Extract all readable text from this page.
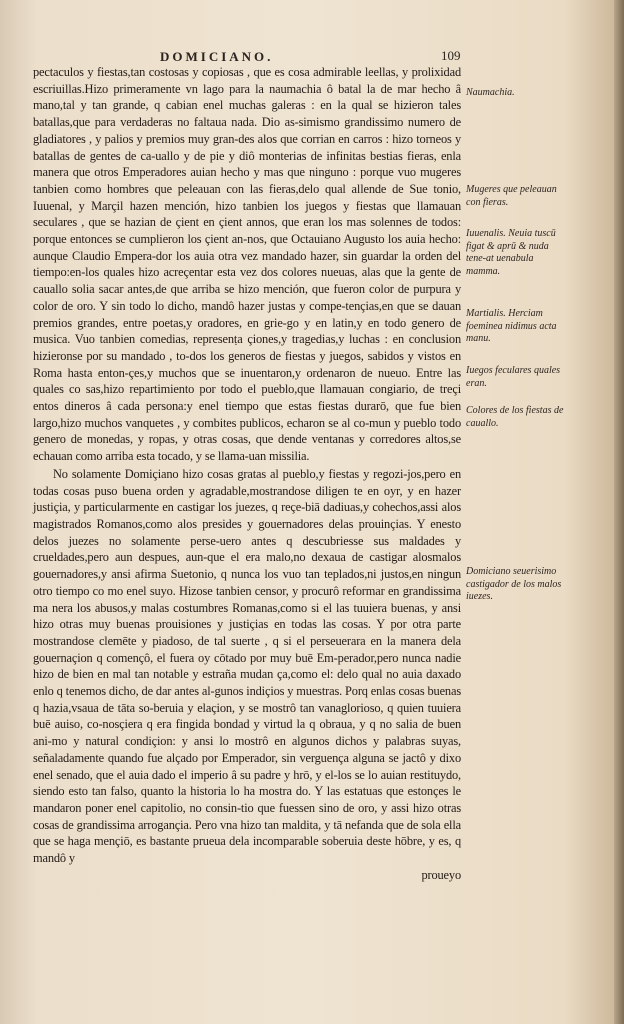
DOMICIANO.	109

pectaculos y fiestas,tan costosas y copiosas , que es cosa admirable leellas, y prolixidad escriuillas.Hizo primeramente vn lago para la naumachia ô batal la de mar hecho â mano,tal y tan grande, q cabian enel muchas galeras : en la qual se hizieron tales batallas,que para verdaderas no faltaua nada. Dio as-simismo grandissimo numero de gladiatores , y palios y premios muy gran-des alos que corrian en carros : hizo torneos y batallas de gentes de ca-uallo y de pie y diô monterias de infinitas bestias fieras, enla manera que otros Emperadores auian hecho y mas que ninguno : porque vuo mugeres tanbien como hombres que peleauan con las fieras,delo qual allende de Sue tonio, Iuuenal, y Marçil hazen mención, hizo tanbien los juegos y fiestas que llamauan seculares , que se hazian de çient en çient annos, que eran los mas solennes de todos: porque entonces se cumplieron los çient an-nos, que Octauiano Augusto los auia hecho: aunque Claudio Empera-dor los auia otra vez mandado hazer, sin guardar la orden del tiempo:en-los quales hizo acreçentar esta vez dos colores nueuas, alas que la gente de cauallo solia sacar antes,de que arriba se hizo mención, que fueron color de purpura y color de oro. Y sin todo lo dicho, mandô hazer justas y compe-tençias,en que se dauan premios grandes, entre poetas,y oradores, en grie-go y en latin,y en todo genero de musica. Vuo tanbien comedias, represenṭa çiones,y tragedias,y luchas : en conclusion hizieronse por su mandado , to-dos los generos de fiestas y juegos, sabidos y vistos en Roma hasta enton-çes,y muchos que se inuentaron,y ordenaron de nueuo. Entre las quales co sas,hizo repartimiento por todo el pueblo,que llamauan congiario, de treçi entos dineros â cada persona:y enel tiempo que estas fiestas durarō, que fue bien largo,hizo muchos vanquetes , y combites publicos, echaron se al co-mun y pueblo todo genero de monedas, y ropas, y otras cosas, que dende ventanas y corredores altos,se echauan como arriba esta tocado, y se llama-uan missilia.

No solamente Domiçiano hizo cosas gratas al pueblo,y fiestas y regozi-jos,pero en todas cosas puso buena orden y agradable,mostrandose diligen te en oyr, y en hazer justiçia, y particularmente en castigar los juezes, q reçe-biā dadiuas,y cohechos,assi alos magistrados Romanos,como alos presides y gouernadores delas prouinçias. Y enesto delos juezes no solamente perse-uero antes q descubriesse sus maldades y crueldades,pero aun despues, aun-que el era malo,no dexaua de castigar alosmalos gouernadores,y ansi afirma Suetonio, q nunca los vuo tan teplados,ni justos,en ningun otro tiempo co mo enel suyo. Hizose tanbien censor, y procurô reformar en grandissima ma nera los abusos,y malas costumbres Romanas,como si el las tuuiera buenas, y ansi hizo otras muy buenas prouisiones y justiçias en todas las cosas. Y por otra parte mostrandose clemēte y piadoso, de tal suerte , q si el perseuerara en la manera dela gouernaçion q començô, el fuera oy cōtado por muy buē Em-perador,pero nunca nadie hizo de bien en mal tan notable y estraña mudan ça,como el: delo qual no auia daxado enlo q tenemos dicho, de dar antes al-gunos indiçios y muestras. Porq enlas cosas buenas q hazia,vsaua de tāta so-beruia y elaçion, y se mostrô tan vanaglorioso, q quien tuuiera buē auiso, co-nosçiera q era fingida bondad y virtud la q obraua, y q no salia de buen ani-mo y natural condiçion: y ansi lo mostrô en algunos dichos y palabras suyas, señaladamente quando fue alçado por Emperador, sin verguença alguna se jactô y dixo enel senado, que el auia dado el imperio â su padre y hrō, y el-los se lo auian restituydo, siendo esto tan falso, quanto la historia lo ha mostra do. Y las estatuas que estonçes le mandaron poner enel capitolio, no consin-tio que fuessen sino de oro, y assi hizo otras cosas de grandissima arrogançia. Pero vna hizo tan maldita, y tā nefanda que de sola ella que se haga mençiō, es bastante prueua dela incomparable soberuia deste hōbre, y es, q mandô y

proueyo
Naumachia.
Mugeres que peleauan con fieras.
Iuuenalis. Neuia tuscū figat & aprū & nuda tene-at uenabula mamma.
Martialis. Herciam foeminea nidimus acta manu.
Iuegos feculares quales eran.
Colores de los fiestas de cauallo.
Domiciano seuerisimo castigador de los malos iuezes.
